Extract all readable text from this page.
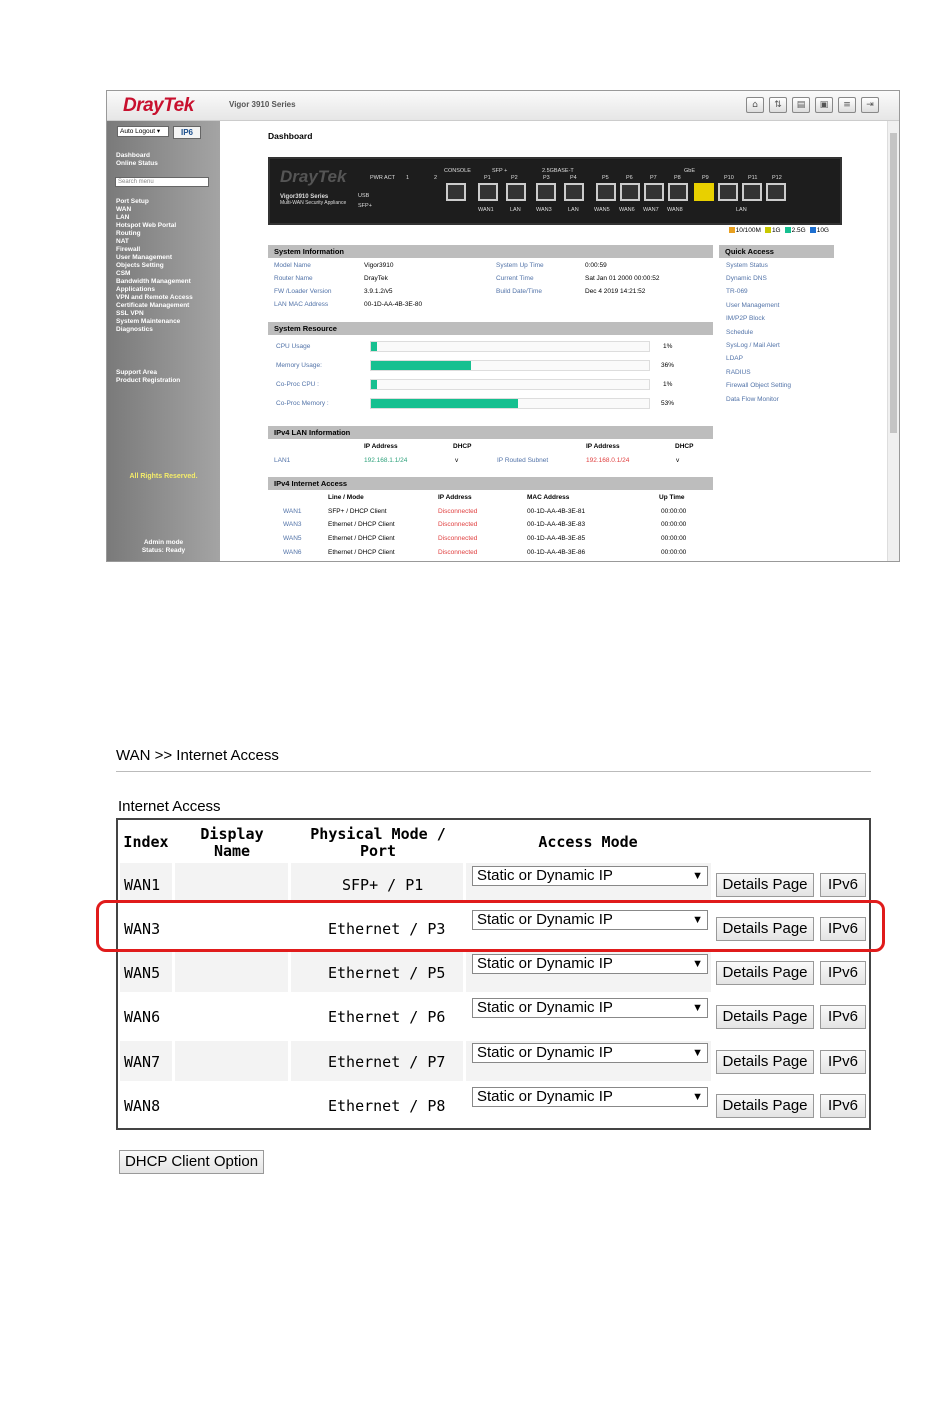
DrayTek	Vigor 3910 Series	⌂	⇅	▤	▣	≡	⇥
Auto Logout ▾	IP6
Dashboard
Online Status
Search menu
Port Setup
WAN
LAN
Hotspot Web Portal
Routing
NAT
Firewall
User Management
Objects Setting
CSM
Bandwidth Management
Applications
VPN and Remote Access
Certificate Management
SSL VPN
System Maintenance
Diagnostics
Support Area
Product Registration
All Rights Reserved.
Admin mode
Status: Ready
Dashboard
DrayTek
Vigor3910 Series
Multi-WAN Security Appliance
PWR ACT
USB
SFP+
CONSOLE	SFP +	2.5GBASE-T	GbE
1	2	P1	P2	P3	P4	P5	P6	P7	P8	P9	P10	P11	P12
WAN1	LAN	WAN3	LAN	WAN5 WAN6 WAN7 WAN8	LAN
10/100M	1G	2.5G	10G
System Information
Model Name	Vigor3910	System Up Time	0:00:59
Router Name	DrayTek	Current Time	Sat Jan 01 2000 00:00:52
FW /Loader Version	3.9.1.2/v5	Build Date/Time	Dec 4 2019 14:21:52
LAN MAC Address	00-1D-AA-4B-3E-80
System Resource
CPU Usage	1%
Memory Usage:	36%
Co-Proc CPU :	1%
Co-Proc Memory :	53%
IPv4 LAN Information
IP Address	DHCP	IP Address	DHCP
LAN1	192.168.1.1/24	v	IP Routed Subnet	192.168.0.1/24	v
IPv4 Internet Access
Line / Mode	IP Address	MAC Address	Up Time
WAN1	SFP+ / DHCP Client	Disconnected	00-1D-AA-4B-3E-81	00:00:00
WAN3	Ethernet / DHCP Client	Disconnected	00-1D-AA-4B-3E-83	00:00:00
WAN5	Ethernet / DHCP Client	Disconnected	00-1D-AA-4B-3E-85	00:00:00
WAN6	Ethernet / DHCP Client	Disconnected	00-1D-AA-4B-3E-86	00:00:00
Quick Access
System Status
Dynamic DNS
TR-069
User Management
IM/P2P Block
Schedule
SysLog / Mail Alert
LDAP
RADIUS
Firewall Object Setting
Data Flow Monitor
WAN >> Internet Access
Internet Access
Index	Display Name
Physical Mode / Port	Access Mode
WAN1	SFP+ / P1
Static or Dynamic IP	▼	Details Page	IPv6
WAN3	Ethernet / P3
Static or Dynamic IP	▼	Details Page	IPv6
WAN5	Ethernet / P5
Static or Dynamic IP	▼	Details Page	IPv6
WAN6	Ethernet / P6
Static or Dynamic IP	▼	Details Page	IPv6
WAN7	Ethernet / P7
Static or Dynamic IP	▼	Details Page	IPv6
WAN8	Ethernet / P8
Static or Dynamic IP	▼	Details Page	IPv6
DHCP Client Option
